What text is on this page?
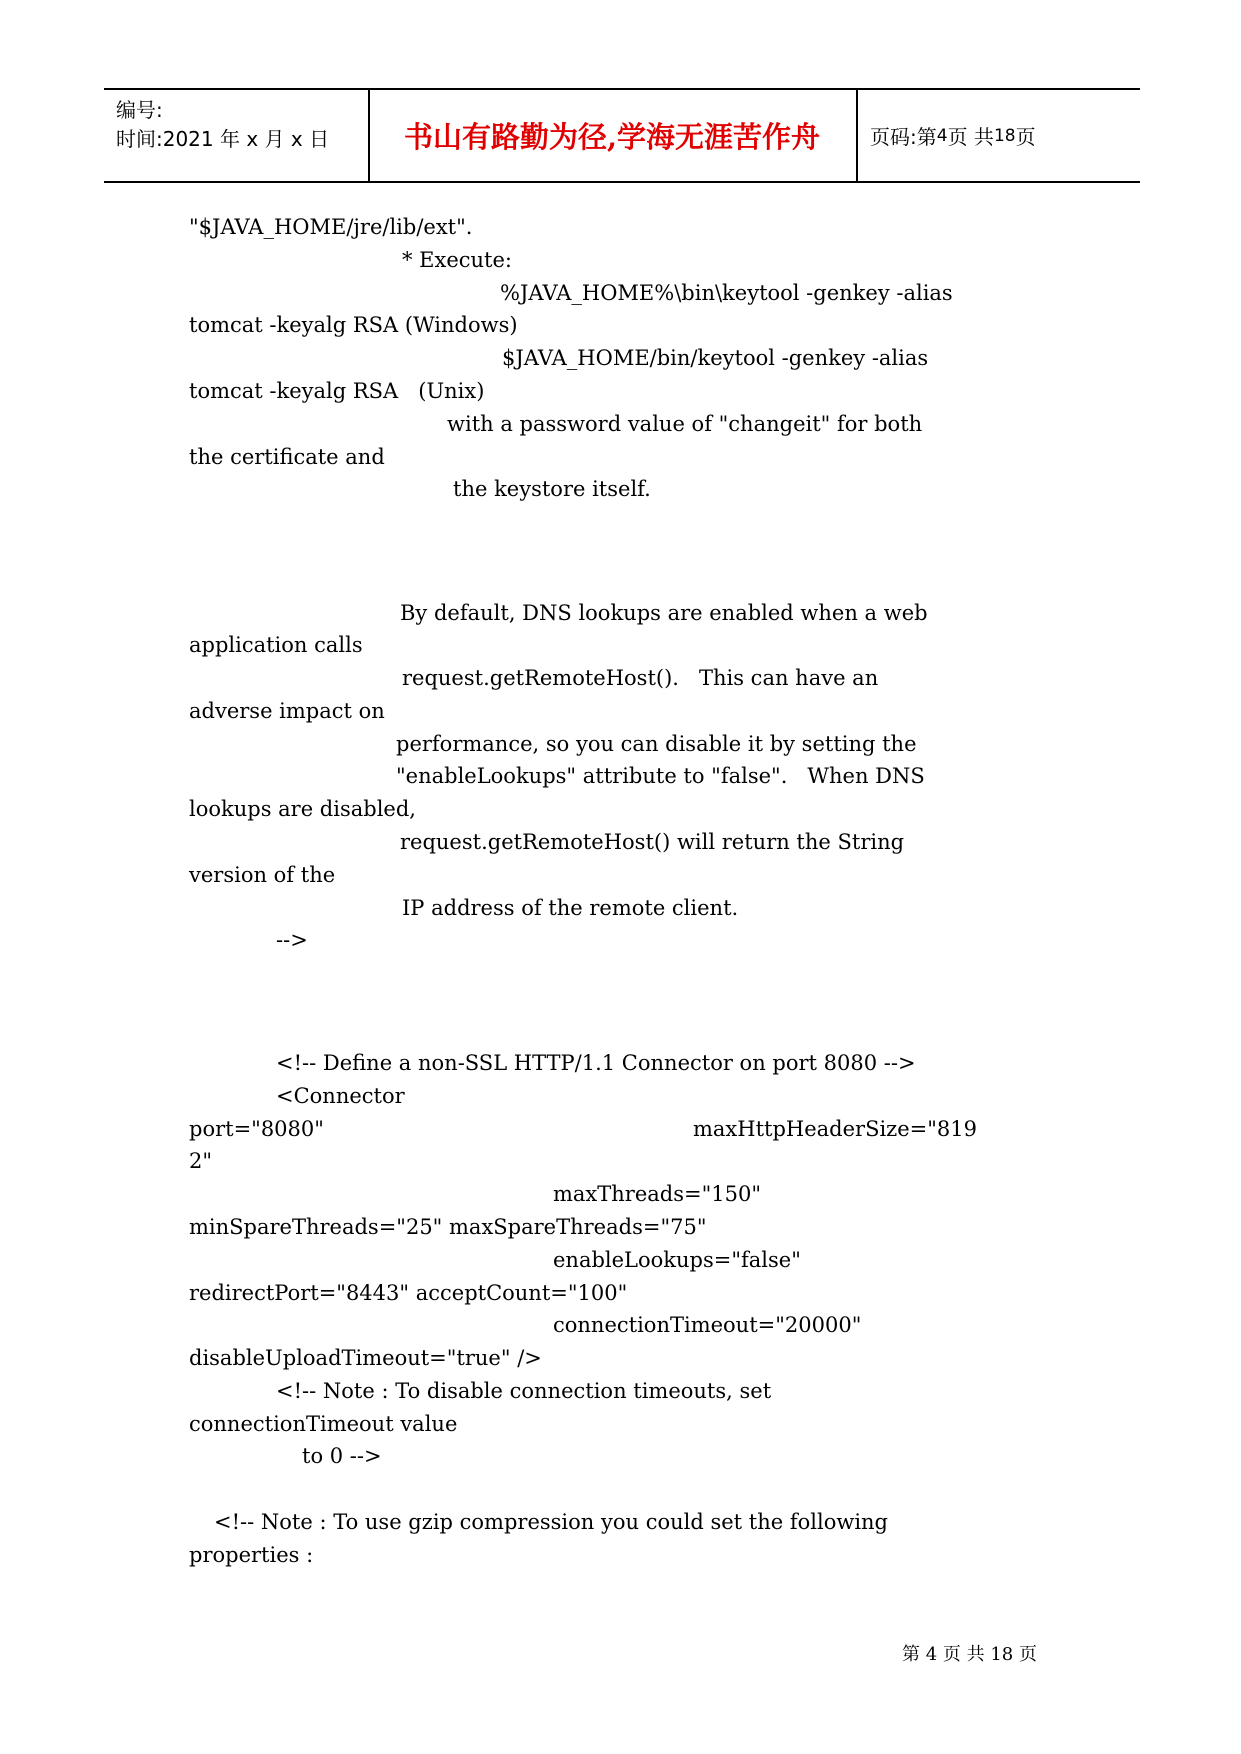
编号:
时间:2021 年 x 月 x 日	书山有路勤为径,学海无涯苦作舟	页码:第 4 页 共 18 页
"$JAVA_HOME/jre/lib/ext".
* Execute:
%JAVA_HOME%\bin\keytool -genkey -alias
tomcat -keyalg RSA (Windows)
$JAVA_HOME/bin/keytool -genkey -alias
tomcat -keyalg RSA   (Unix)
with a password value of "changeit" for both
the certificate and
the keystore itself.
By default, DNS lookups are enabled when a web
application calls
request.getRemoteHost().   This can have an
adverse impact on
performance, so you can disable it by setting the
"enableLookups" attribute to "false".   When DNS
lookups are disabled,
request.getRemoteHost() will return the String
version of the
IP address of the remote client.
-->
<!-- Define a non-SSL HTTP/1.1 Connector on port 8080 -->
<Connector
port="8080"	maxHttpHeaderSize="819
2"
maxThreads="150"
minSpareThreads="25" maxSpareThreads="75"
enableLookups="false"
redirectPort="8443" acceptCount="100"
connectionTimeout="20000"
disableUploadTimeout="true" />
<!-- Note : To disable connection timeouts, set
connectionTimeout value
to 0 -->
<!-- Note : To use gzip compression you could set the following
properties :
第 4 页 共 18 页
